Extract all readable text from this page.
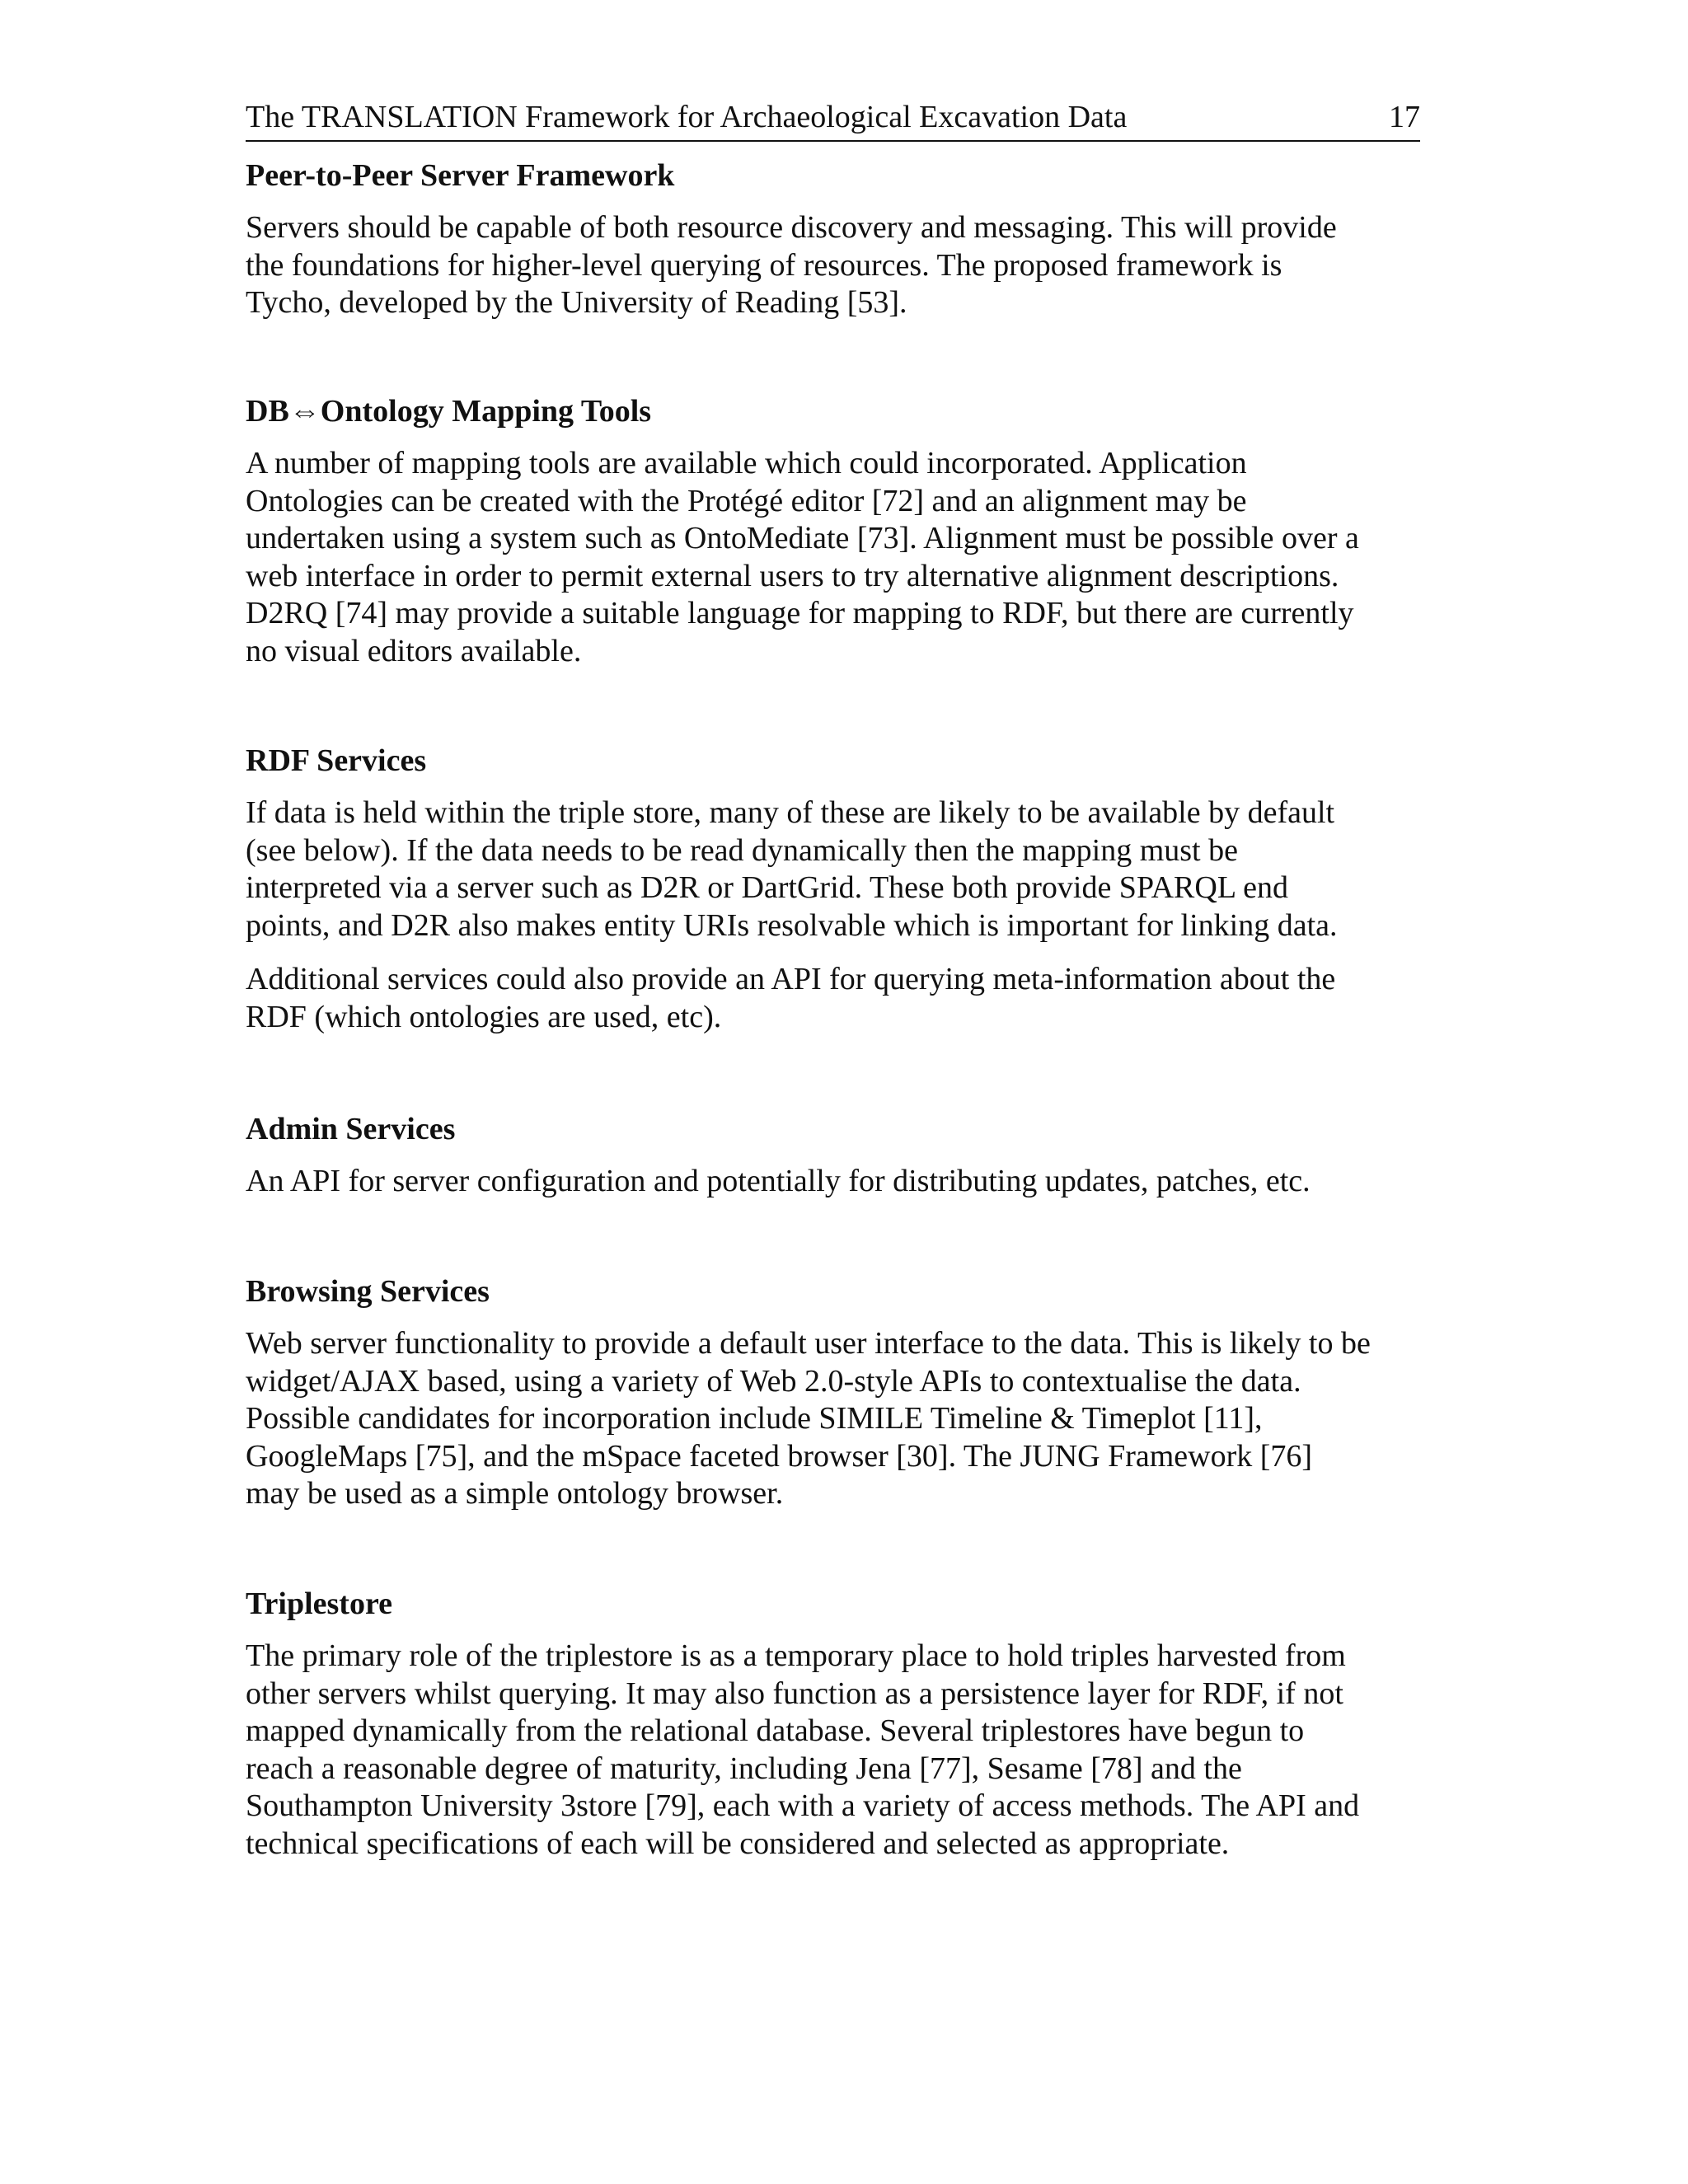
The TRANSLATION Framework for Archaeological Excavation Data	17
Peer-to-Peer Server Framework

Servers should be capable of both resource discovery and messaging. This will provide
the foundations for higher-level querying of resources. The proposed framework is
Tycho, developed by the University of Reading [53].

DB⇔Ontology Mapping Tools

A number of mapping tools are available which could incorporated. Application
Ontologies can be created with the Protégé editor [72] and an alignment may be
undertaken using a system such as OntoMediate [73]. Alignment must be possible over a
web interface in order to permit external users to try alternative alignment descriptions.
D2RQ [74] may provide a suitable language for mapping to RDF, but there are currently
no visual editors available.

RDF Services

If data is held within the triple store, many of these are likely to be available by default
(see below). If the data needs to be read dynamically then the mapping must be
interpreted via a server such as D2R or DartGrid. These both provide SPARQL end
points, and D2R also makes entity URIs resolvable which is important for linking data.

Additional services could also provide an API for querying meta-information about the
RDF (which ontologies are used, etc).

Admin Services

An API for server configuration and potentially for distributing updates, patches, etc.

Browsing Services

Web server functionality to provide a default user interface to the data. This is likely to be
widget/AJAX based, using a variety of Web 2.0-style APIs to contextualise the data.
Possible candidates for incorporation include SIMILE Timeline & Timeplot [11],
GoogleMaps [75], and the mSpace faceted browser [30]. The JUNG Framework [76]
may be used as a simple ontology browser.

Triplestore

The primary role of the triplestore is as a temporary place to hold triples harvested from
other servers whilst querying. It may also function as a persistence layer for RDF, if not
mapped dynamically from the relational database. Several triplestores have begun to
reach a reasonable degree of maturity, including Jena [77], Sesame [78] and the
Southampton University 3store [79], each with a variety of access methods. The API and
technical specifications of each will be considered and selected as appropriate.
